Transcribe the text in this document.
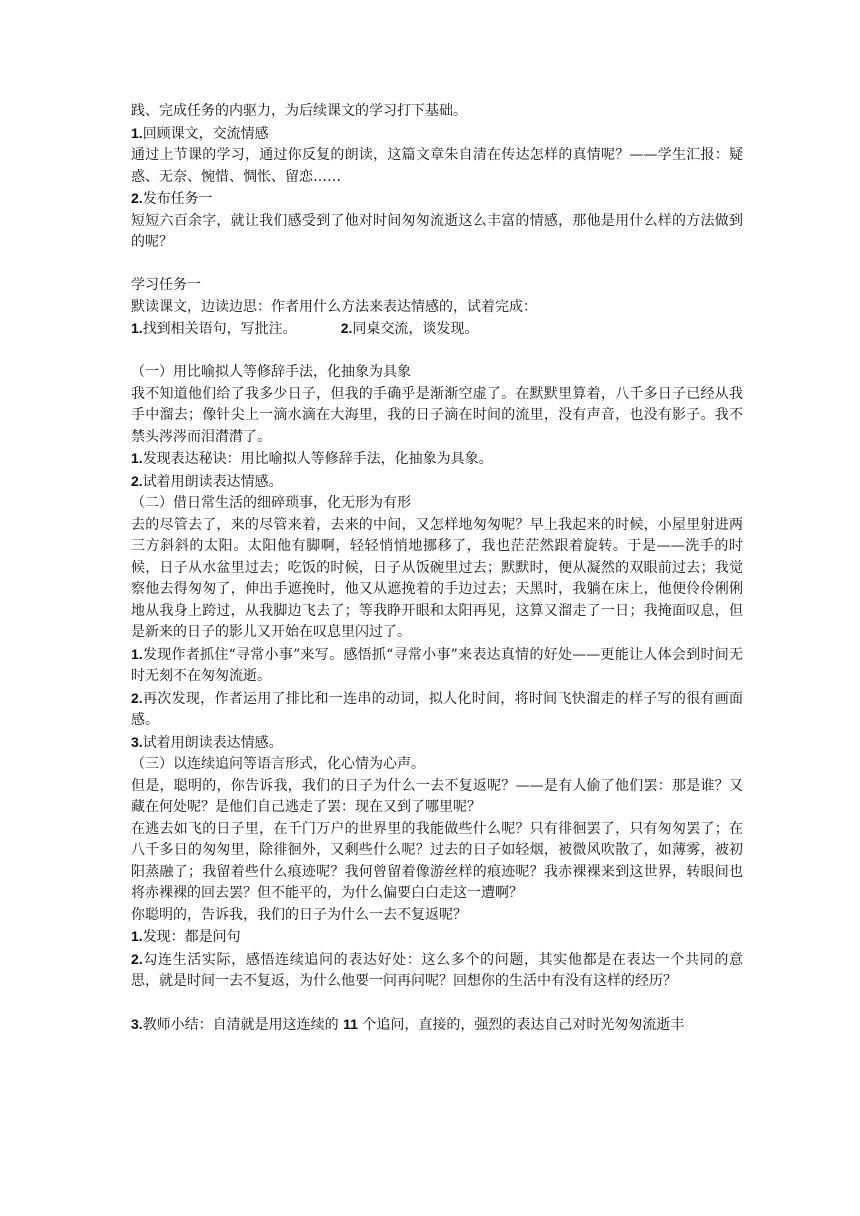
践、完成任务的内驱力，为后续课文的学习打下基础。

1.回顾课文，交流情感

通过上节课的学习，通过你反复的朗读，这篇文章朱自清在传达怎样的真情呢？——学生汇报：疑惑、无奈、惋惜、惆怅、留恋……

2.发布任务一

短短六百余字，就让我们感受到了他对时间匆匆流逝这么丰富的情感，那他是用什么样的方法做到的呢？

学习任务一

默读课文，边读边思：作者用什么方法来表达情感的，试着完成：

1.找到相关语句，写批注。	2.同桌交流，谈发现。

（一）用比喻拟人等修辞手法，化抽象为具象

我不知道他们给了我多少日子，但我的手确乎是渐渐空虚了。在默默里算着，八千多日子已经从我手中溜去；像针尖上一滴水滴在大海里，我的日子滴在时间的流里，没有声音，也没有影子。我不禁头涔涔而泪潸潸了。

1.发现表达秘诀：用比喻拟人等修辞手法，化抽象为具象。

2.试着用朗读表达情感。

（二）借日常生活的细碎琐事，化无形为有形

去的尽管去了，来的尽管来着，去来的中间，又怎样地匆匆呢？早上我起来的时候，小屋里射进两三方斜斜的太阳。太阳他有脚啊，轻轻悄悄地挪移了，我也茫茫然跟着旋转。于是——洗手的时候，日子从水盆里过去；吃饭的时候，日子从饭碗里过去；默默时，便从凝然的双眼前过去；我觉察他去得匆匆了，伸出手遮挽时，他又从遮挽着的手边过去；天黑时，我躺在床上，他便伶伶俐俐地从我身上跨过，从我脚边飞去了；等我睁开眼和太阳再见，这算又溜走了一日；我掩面叹息，但是新来的日子的影儿又开始在叹息里闪过了。

1.发现作者抓住“寻常小事”来写。感悟抓“寻常小事”来表达真情的好处——更能让人体会到时间无时无刻不在匆匆流逝。

2.再次发现，作者运用了排比和一连串的动词，拟人化时间，将时间飞快溜走的样子写的很有画面感。

3.试着用朗读表达情感。

（三）以连续追问等语言形式，化心情为心声。

但是，聪明的，你告诉我，我们的日子为什么一去不复返呢？——是有人偷了他们罢：那是谁？又藏在何处呢？是他们自己逃走了罢：现在又到了哪里呢？

在逃去如飞的日子里，在千门万户的世界里的我能做些什么呢？只有徘徊罢了，只有匆匆罢了；在八千多日的匆匆里，除徘徊外，又剩些什么呢？过去的日子如轻烟，被微风吹散了，如薄雾，被初阳蒸融了；我留着些什么痕迹呢？我何曾留着像游丝样的痕迹呢？我赤裸裸来到这世界，转眼间也将赤裸裸的回去罢？但不能平的，为什么偏要白白走这一遭啊？

你聪明的，告诉我，我们的日子为什么一去不复返呢？

1.发现：都是问句

2.勾连生活实际，感悟连续追问的表达好处：这么多个的问题，其实他都是在表达一个共同的意思，就是时间一去不复返，为什么他要一问再问呢？回想你的生活中有没有这样的经历？

3.教师小结：自清就是用这连续的 11 个追问，直接的，强烈的表达自己对时光匆匆流逝丰
